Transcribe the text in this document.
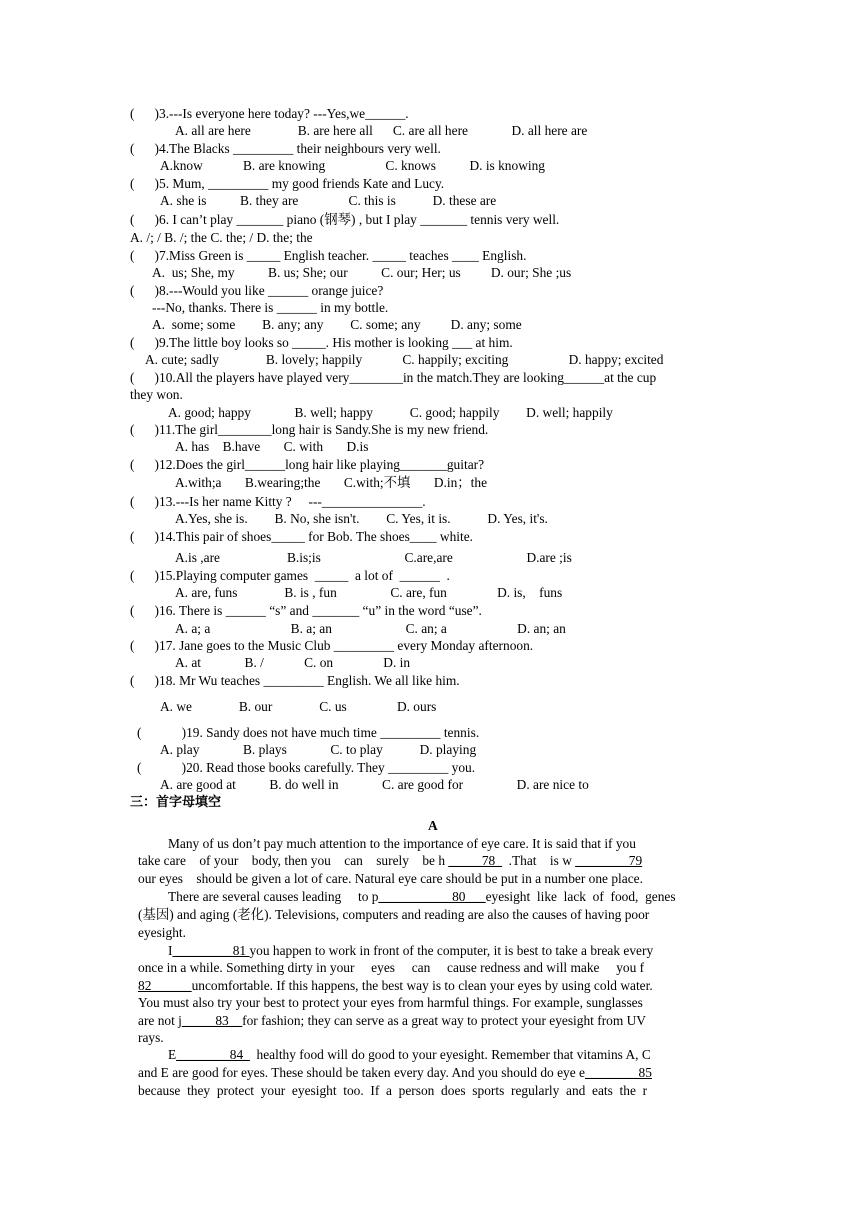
(      )3.---Is everyone here today? ---Yes,we______.
A. all are here              B. are here all      C. are all here             D. all here are
(      )4.The Blacks _________ their neighbours very well.
A.know            B. are knowing                  C. knows          D. is knowing
(      )5. Mum, _________ my good friends Kate and Lucy.
A. she is          B. they are               C. this is           D. these are
(      )6. I can’t play _______ piano (钢琴) , but I play _______ tennis very well.
A. /; / B. /; the C. the; / D. the; the
(      )7.Miss Green is _____ English teacher. _____ teaches ____ English.
A.  us; She, my          B. us; She; our          C. our; Her; us         D. our; She ;us
(      )8.---Would you like ______ orange juice?
---No, thanks. There is ______ in my bottle.
A.  some; some        B. any; any        C. some; any         D. any; some
(      )9.The little boy looks so _____. His mother is looking ___ at him.
A. cute; sadly              B. lovely; happily            C. happily; exciting                  D. happy; excited
(      )10.All the players have played very________in the match.They are looking______at the cup
they won.
A. good; happy             B. well; happy           C. good; happily        D. well; happily
(      )11.The girl________long hair is Sandy.She is my new friend.
A. has    B.have       C. with       D.is
(      )12.Does the girl______long hair like playing_______guitar?
A.with;a       B.wearing;the       C.with;不填       D.in；the
(      )13.---Is her name Kitty ?     ---_______________.
A.Yes, she is.        B. No, she isn't.        C. Yes, it is.           D. Yes, it's.
(      )14.This pair of shoes_____ for Bob. The shoes____ white.
A.is ,are                    B.is;is                         C.are,are                      D.are ;is
(      )15.Playing computer games  _____  a lot of  ______  .
A. are, funs              B. is , fun                C. are, fun               D. is,    funs
(      )16. There is ______ “s” and _______ “u” in the word “use”.
A. a; a                        B. a; an                      C. an; a                     D. an; an
(      )17. Jane goes to the Music Club _________ every Monday afternoon.
A. at             B. /            C. on               D. in
(      )18. Mr Wu teaches _________ English. We all like him.
A. we              B. our              C. us               D. ours
(            )19. Sandy does not have much time _________ tennis.
A. play             B. plays             C. to play           D. playing
(            )20. Read those books carefully. They _________ you.
A. are good at          B. do well in             C. are good for                D. are nice to
三：首字母填空
A
Many of us don’t pay much attention to the importance of eye care. It is said that if you
take care    of your    body, then you    can    surely    be h _____78_  .That    is w ________79
our eyes    should be given a lot of care. Natural eye care should be put in a number one place.
There are several causes leading     to p___________80___eyesight  like  lack  of  food,  genes
(基因) and aging (老化). Televisions, computers and reading are also the causes of having poor
eyesight.
I_________81 you happen to work in front of the computer, it is best to take a break every
once in a while. Something dirty in your     eyes     can     cause redness and will make     you f
82______uncomfortable. If this happens, the best way is to clean your eyes by using cold water.
You must also try your best to protect your eyes from harmful things. For example, sunglasses
are not j_____83__for fashion; they can serve as a great way to protect your eyesight from UV
rays.
E________84_  healthy food will do good to your eyesight. Remember that vitamins A, C
and E are good for eyes. These should be taken every day. And you should do eye e________85
because  they  protect  your  eyesight  too.  If  a  person  does  sports  regularly  and  eats  the  r
